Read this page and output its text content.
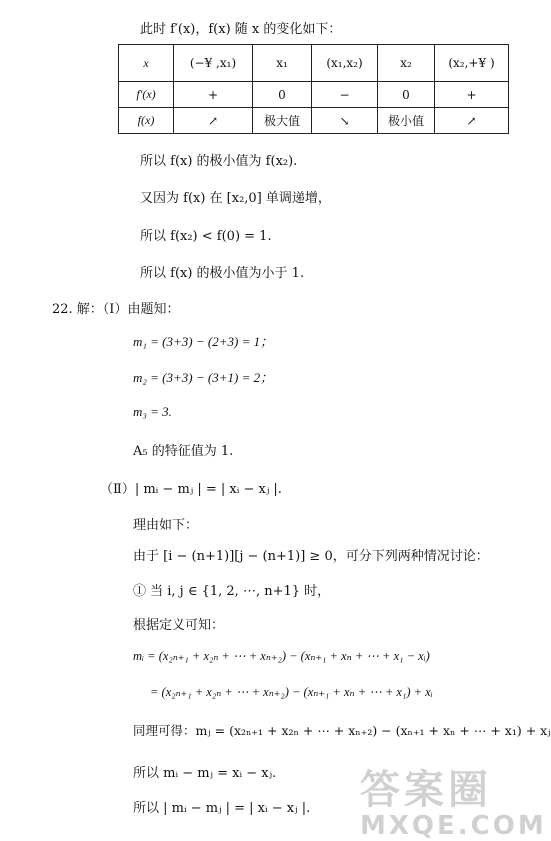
此时 f′(x)，f(x) 随 x 的变化如下：
x	(−¥ ,x₁)	x₁	(x₁,x₂)	x₂	(x₂,+¥ )
f′(x)	+	0	−	0	+
f(x)	↗	极大值	↘	极小值	↗
所以 f(x) 的极小值为 f(x₂).
又因为 f(x) 在 [x₂,0] 单调递增，
所以 f(x₂) < f(0) = 1.
所以 f(x) 的极小值为小于 1.
22. 解：（Ⅰ）由题知：
m₁ = (3+3) − (2+3) = 1；
m₂ = (3+3) − (3+1) = 2；
m₃ = 3.
A₅ 的特征值为 1.
（Ⅱ）| mᵢ − mⱼ | = | xᵢ − xⱼ |.
理由如下：
由于 [i − (n+1)][j − (n+1)] ≥ 0，可分下列两种情况讨论：
① 当 i, j ∈ {1, 2, ⋯, n+1} 时，
根据定义可知：
mᵢ = (x₂ₙ₊₁ + x₂ₙ + ⋯ + xₙ₊₂) − (xₙ₊₁ + xₙ + ⋯ + x₁ − xᵢ)
= (x₂ₙ₊₁ + x₂ₙ + ⋯ + xₙ₊₂) − (xₙ₊₁ + xₙ + ⋯ + x₁) + xᵢ
同理可得：mⱼ = (x₂ₙ₊₁ + x₂ₙ + ⋯ + xₙ₊₂) − (xₙ₊₁ + xₙ + ⋯ + x₁) + xⱼ
所以 mᵢ − mⱼ = xᵢ − xⱼ.
所以 | mᵢ − mⱼ | = | xᵢ − xⱼ |. 答案圈
MXQE.COM
